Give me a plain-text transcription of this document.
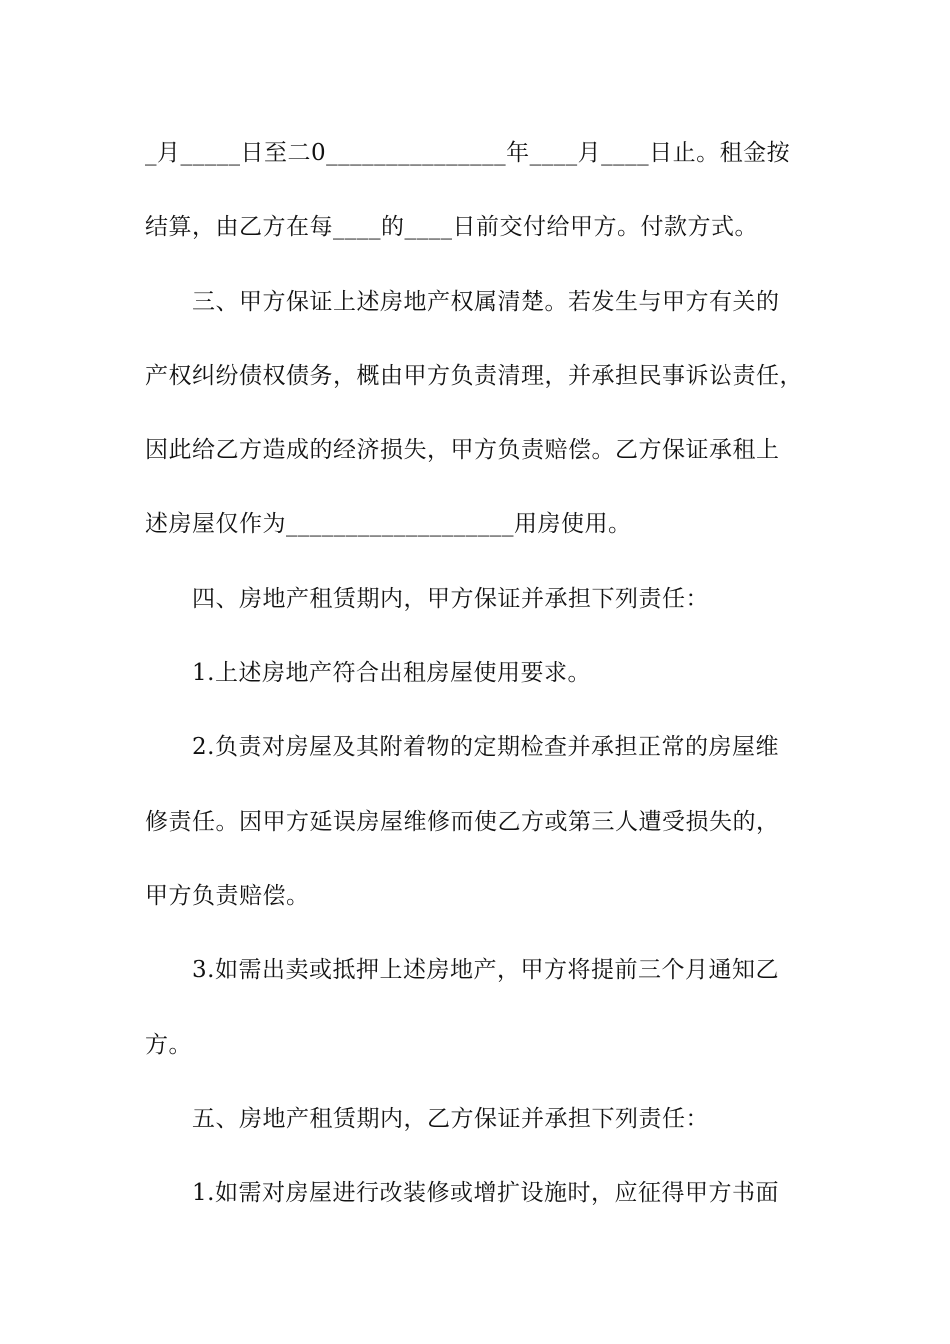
_月_____日至二0_______________年____月____日止。租金按
结算，由乙方在每____的____日前交付给甲方。付款方式。
三、甲方保证上述房地产权属清楚。若发生与甲方有关的
产权纠纷债权债务，概由甲方负责清理，并承担民事诉讼责任，
因此给乙方造成的经济损失，甲方负责赔偿。乙方保证承租上
述房屋仅作为___________________用房使用。
四、房地产租赁期内，甲方保证并承担下列责任：
1.上述房地产符合出租房屋使用要求。
2.负责对房屋及其附着物的定期检查并承担正常的房屋维
修责任。因甲方延误房屋维修而使乙方或第三人遭受损失的，
甲方负责赔偿。
3.如需出卖或抵押上述房地产，甲方将提前三个月通知乙
方。
五、房地产租赁期内，乙方保证并承担下列责任：
1.如需对房屋进行改装修或增扩设施时，应征得甲方书面
